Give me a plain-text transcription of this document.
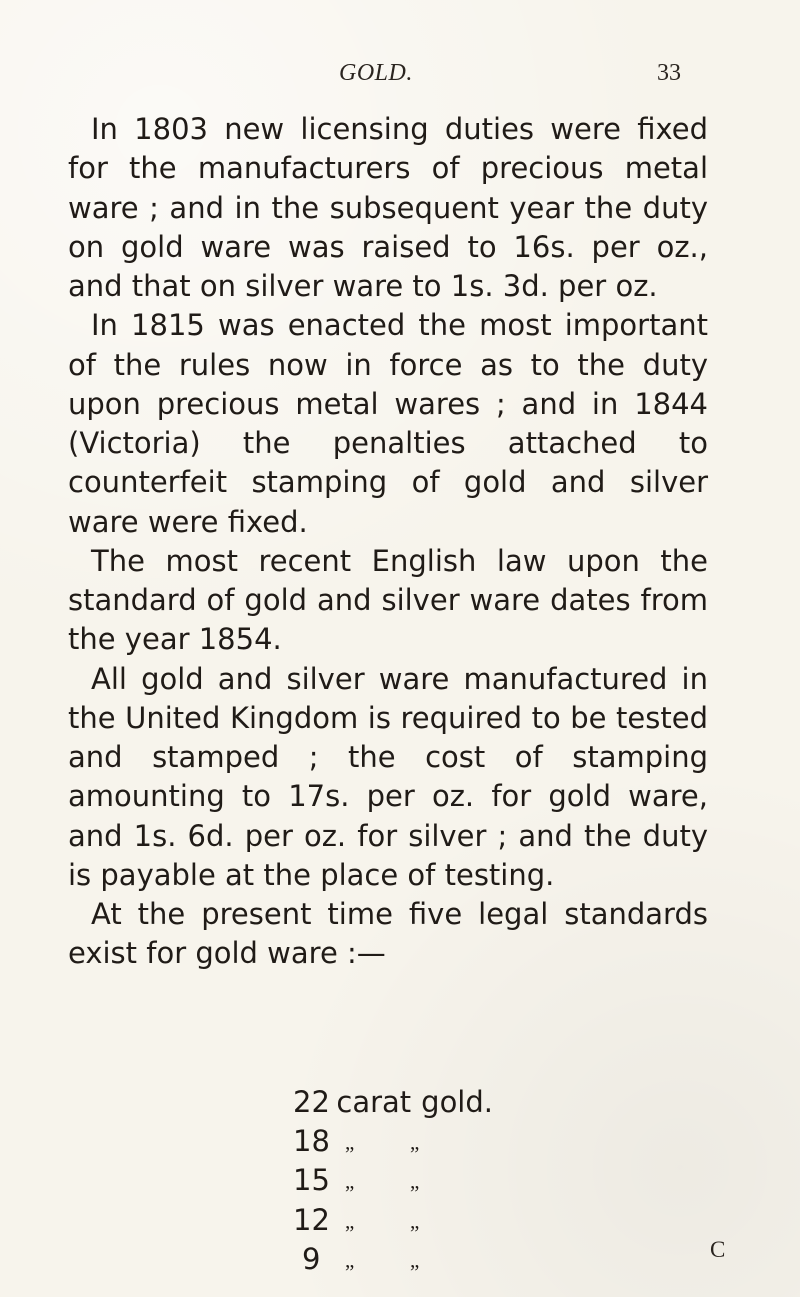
GOLD.	33

In 1803 new licensing duties were fixed for the manufacturers of precious metal ware ; and in the subsequent year the duty on gold ware was raised to 16s. per oz., and that on silver ware to 1s. 3d. per oz.

In 1815 was enacted the most important of the rules now in force as to the duty upon precious metal wares ; and in 1844 (Victoria) the penalties attached to counterfeit stamping of gold and silver ware were fixed.

The most recent English law upon the standard of gold and silver ware dates from the year 1854.

All gold and silver ware manufactured in the United Kingdom is required to be tested and stamped ; the cost of stamping amounting to 17s. per oz. for gold ware, and 1s. 6d. per oz. for silver ; and the duty is payable at the place of testing.

At the present time five legal standards exist for gold ware :—

22 carat gold.
18 „	„
15 „	„
12 „	„
9	„	„	C
